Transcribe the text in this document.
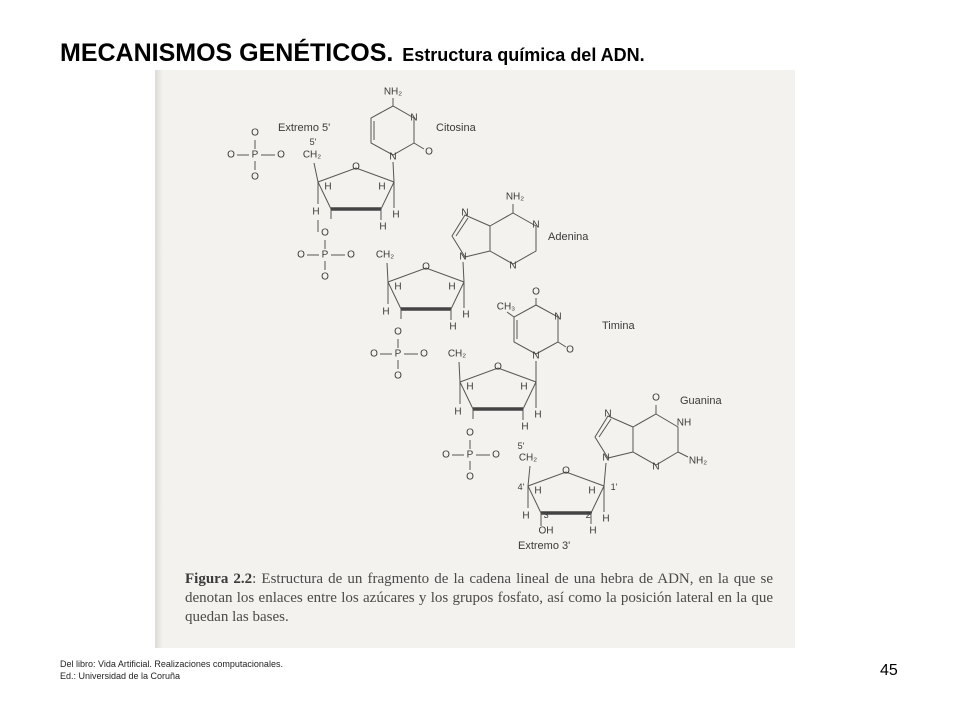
MECANISMOS GENÉTICOS. Estructura química del ADN.
P
O
O
O	O CH₂
O
H	H
H
H
H
5'
Extremo 5'
O
N
N
NH₂
Citosina
P
O
O
O	O CH₂
O
H	H
H
H
H
N
N
N
N
NH₂
Adenina
P
O
O
O	O CH₂
O
H	H
H
H
H
N
N
O
O
CH₃
Timina
P
O
O
O	O CH₂
O
H	H
H
H
H
5'
4'
3'	2'
1'
OH
Extremo 3'
N
N
NH
N
O
NH₂
Guanina

Figura 2.2: Estructura de un fragmento de la cadena lineal de una hebra de ADN, en la que se denotan los enlaces entre los azúcares y los grupos fosfato, así como la posición lateral en la que quedan las bases.

Del libro: Vida Artificial. Realizaciones computacionales.
Ed.: Universidad de la Coruña	45
